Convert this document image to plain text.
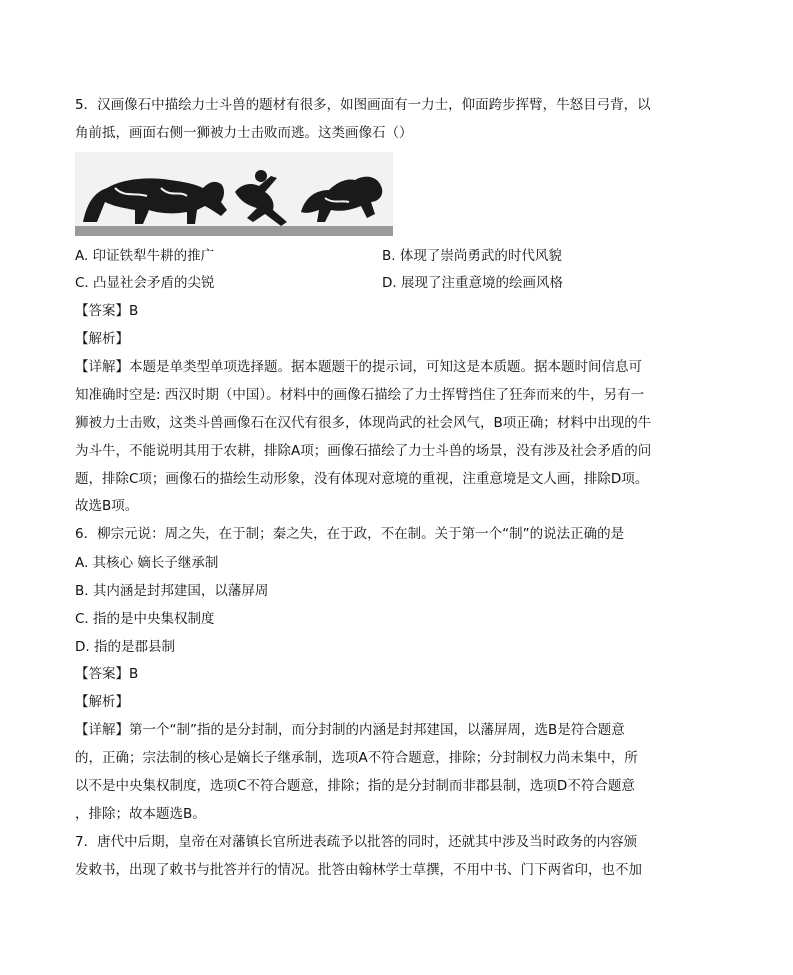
5．汉画像石中描绘力士斗兽的题材有很多，如图画面有一力士，仰面跨步挥臂，牛怒目弓背，以
角前抵，画面右侧一狮被力士击败而逃。这类画像石（）
A. 印证铁犁牛耕的推广	B. 体现了崇尚勇武的时代风貌
C. 凸显社会矛盾的尖锐	D. 展现了注重意境的绘画风格
【答案】B
【解析】
【详解】本题是单类型单项选择题。据本题题干的提示词，可知这是本质题。据本题时间信息可
知准确时空是: 西汉时期（中国）。材料中的画像石描绘了力士挥臂挡住了狂奔而来的牛，另有一
狮被力士击败，这类斗兽画像石在汉代有很多，体现尚武的社会风气，B项正确；材料中出现的牛
为斗牛，不能说明其用于农耕，排除A项；画像石描绘了力士斗兽的场景，没有涉及社会矛盾的问
题，排除C项；画像石的描绘生动形象，没有体现对意境的重视，注重意境是文人画，排除D项。
故选B项。
6．柳宗元说：周之失，在于制；秦之失，在于政，不在制。关于第一个“制”的说法正确的是
A. 其核心 嫡长子继承制
B. 其内涵是封邦建国，以藩屏周
C. 指的是中央集权制度
D. 指的是郡县制
【答案】B
【解析】
【详解】第一个“制”指的是分封制，而分封制的内涵是封邦建国，以藩屏周，选B是符合题意
的，正确；宗法制的核心是嫡长子继承制，选项A不符合题意，排除；分封制权力尚未集中，所
以不是中央集权制度，选项C不符合题意，排除；指的是分封制而非郡县制，选项D不符合题意
，排除；故本题选B。
7．唐代中后期，皇帝在对藩镇长官所进表疏予以批答的同时，还就其中涉及当时政务的内容颁
发敕书，出现了敕书与批答并行的情况。批答由翰林学士草撰，不用中书、门下两省印，也不加
